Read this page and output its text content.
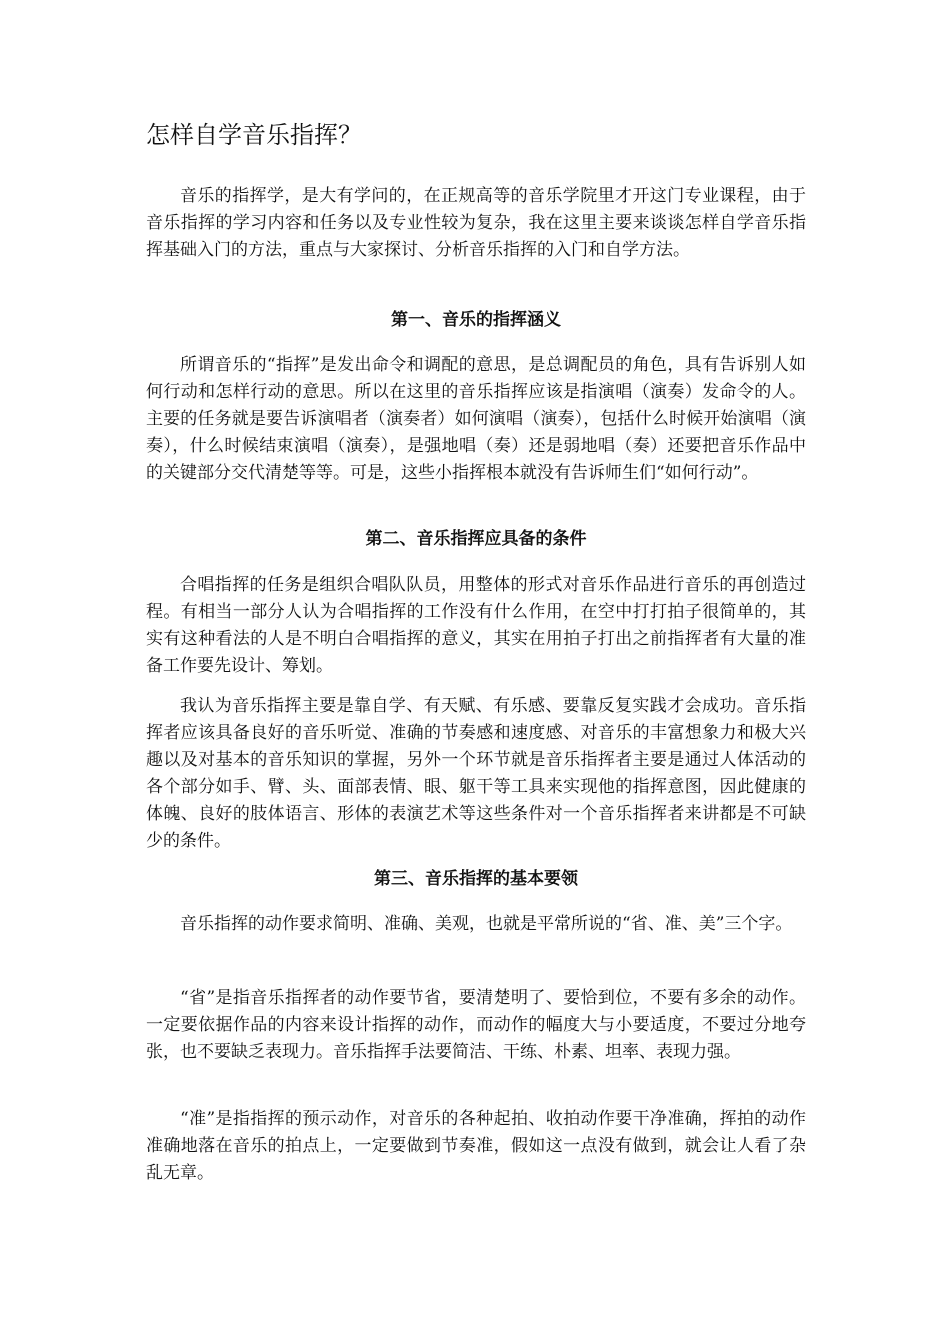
怎样自学音乐指挥？

音乐的指挥学，是大有学问的，在正规高等的音乐学院里才开这门专业课程，由于音乐指挥的学习内容和任务以及专业性较为复杂，我在这里主要来谈谈怎样自学音乐指挥基础入门的方法，重点与大家探讨、分析音乐指挥的入门和自学方法。

第一、音乐的指挥涵义

所谓音乐的“指挥”是发出命令和调配的意思，是总调配员的角色，具有告诉别人如何行动和怎样行动的意思。所以在这里的音乐指挥应该是指演唱（演奏）发命令的人。主要的任务就是要告诉演唱者（演奏者）如何演唱（演奏），包括什么时候开始演唱（演奏），什么时候结束演唱（演奏），是强地唱（奏）还是弱地唱（奏）还要把音乐作品中的关键部分交代清楚等等。可是，这些小指挥根本就没有告诉师生们“如何行动”。

第二、音乐指挥应具备的条件

合唱指挥的任务是组织合唱队队员，用整体的形式对音乐作品进行音乐的再创造过程。有相当一部分人认为合唱指挥的工作没有什么作用，在空中打打拍子很简单的，其实有这种看法的人是不明白合唱指挥的意义，其实在用拍子打出之前指挥者有大量的准备工作要先设计、筹划。

我认为音乐指挥主要是靠自学、有天赋、有乐感、要靠反复实践才会成功。音乐指挥者应该具备良好的音乐听觉、准确的节奏感和速度感、对音乐的丰富想象力和极大兴趣以及对基本的音乐知识的掌握，另外一个环节就是音乐指挥者主要是通过人体活动的各个部分如手、臂、头、面部表情、眼、躯干等工具来实现他的指挥意图，因此健康的体魄、良好的肢体语言、形体的表演艺术等这些条件对一个音乐指挥者来讲都是不可缺少的条件。

第三、音乐指挥的基本要领

音乐指挥的动作要求简明、准确、美观，也就是平常所说的“省、准、美”三个字。

“省”是指音乐指挥者的动作要节省，要清楚明了、要恰到位，不要有多余的动作。一定要依据作品的内容来设计指挥的动作，而动作的幅度大与小要适度，不要过分地夸张，也不要缺乏表现力。音乐指挥手法要简洁、干练、朴素、坦率、表现力强。

“准”是指指挥的预示动作，对音乐的各种起拍、收拍动作要干净准确，挥拍的动作准确地落在音乐的拍点上，一定要做到节奏准，假如这一点没有做到，就会让人看了杂乱无章。
